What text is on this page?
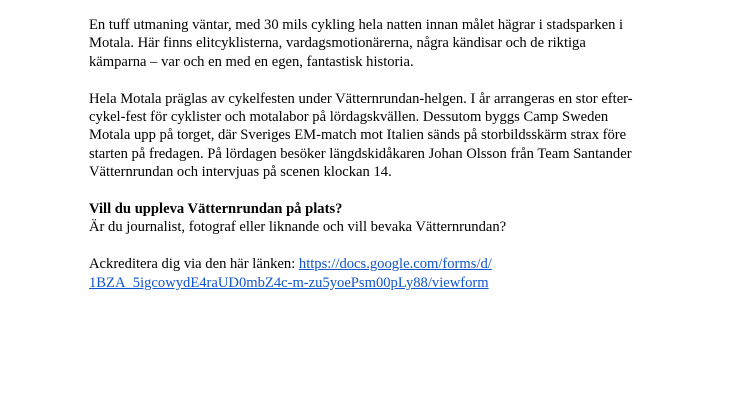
En tuff utmaning väntar, med 30 mils cykling hela natten innan målet hägrar i stadsparken i
Motala. Här finns elitcyklisterna, vardagsmotionärerna, några kändisar och de riktiga
kämparna – var och en med en egen, fantastisk historia.
Hela Motala präglas av cykelfesten under Vätternrundan-helgen. I år arrangeras en stor efter-
cykel-fest för cyklister och motalabor på lördagskvällen. Dessutom byggs Camp Sweden
Motala upp på torget, där Sveriges EM-match mot Italien sänds på storbildsskärm strax före
starten på fredagen. På lördagen besöker längdskidåkaren Johan Olsson från Team Santander
Vätternrundan och intervjuas på scenen klockan 14.
Vill du uppleva Vätternrundan på plats?
Är du journalist, fotograf eller liknande och vill bevaka Vätternrundan?
Ackreditera dig via den här länken: https://docs.google.com/forms/d/
1BZA_5igcowydE4raUD0mbZ4c-m-zu5yoePsm00pLy88/viewform
